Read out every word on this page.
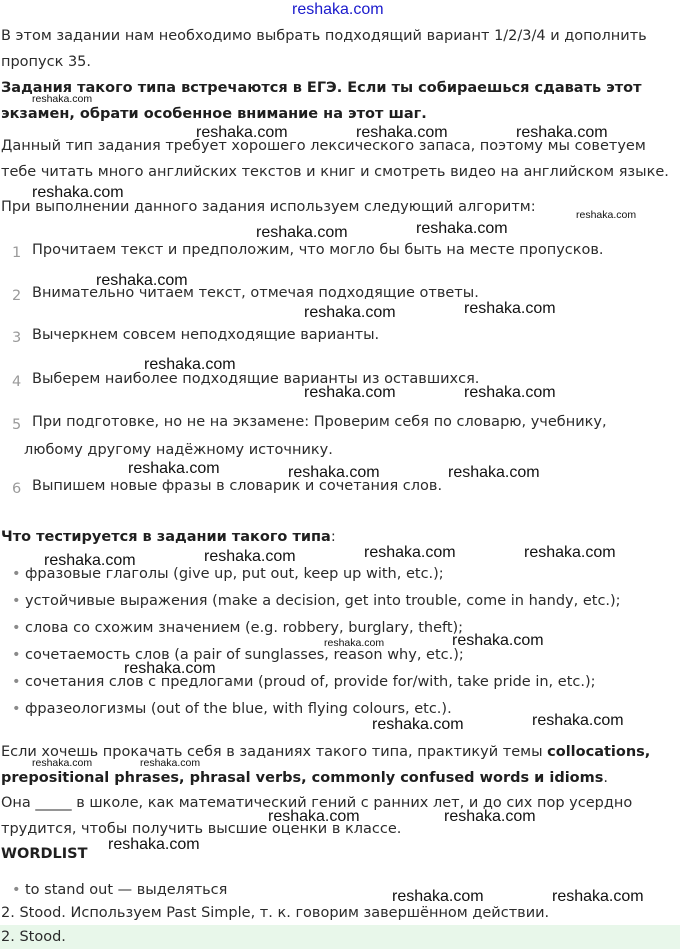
reshaka.com
В этом задании нам необходимо выбрать подходящий вариант 1/2/3/4 и дополнить пропуск 35.
Задания такого типа встречаются в ЕГЭ. Если ты собираешься сдавать этот экзамен, обрати особенное внимание на этот шаг.
Данный тип задания требует хорошего лексического запаса, поэтому мы советуем тебе читать много английских текстов и книг и смотреть видео на английском языке.
При выполнении данного задания используем следующий алгоритм:
1 Прочитаем текст и предположим, что могло бы быть на месте пропусков.
2 Внимательно читаем текст, отмечая подходящие ответы.
3 Вычеркнем совсем неподходящие варианты.
4 Выберем наиболее подходящие варианты из оставшихся.
5 При подготовке, но не на экзамене: Проверим себя по словарю, учебнику, любому другому надёжному источнику.
6 Выпишем новые фразы в словарик и сочетания слов.
Что тестируется в задании такого типа:
• фразовые глаголы (give up, put out, keep up with, etc.);
• устойчивые выражения (make a decision, get into trouble, come in handy, etc.);
• слова со схожим значением (e.g. robbery, burglary, theft);
• сочетаемость слов (a pair of sunglasses, reason why, etc.);
• сочетания слов с предлогами (proud of, provide for/with, take pride in, etc.);
• фразеологизмы (out of the blue, with flying colours, etc.).
Если хочешь прокачать себя в заданиях такого типа, практикуй темы collocations, prepositional phrases, phrasal verbs, commonly confused words и idioms.
Она _____ в школе, как математический гений с ранних лет, и до сих пор усердно трудится, чтобы получить высшие оценки в классе.
WORDLIST
• to stand out — выделяться
2. Stood. Используем Past Simple, т. к. говорим завершённом действии.
2. Stood.
reshaka.com
reshaka.com	reshaka.com	reshaka.com
reshaka.com
reshaka.com
reshaka.com	reshaka.com
reshaka.com
reshaka.com
reshaka.com
reshaka.com
reshaka.com	reshaka.com
reshaka.com	reshaka.com	reshaka.com
reshaka.com	reshaka.com
reshaka.com
reshaka.com
reshaka.com	reshaka.com
reshaka.com
reshaka.com
reshaka.com
reshaka.com	reshaka.com
reshaka.com	reshaka.com
reshaka.com
reshaka.com	reshaka.com
